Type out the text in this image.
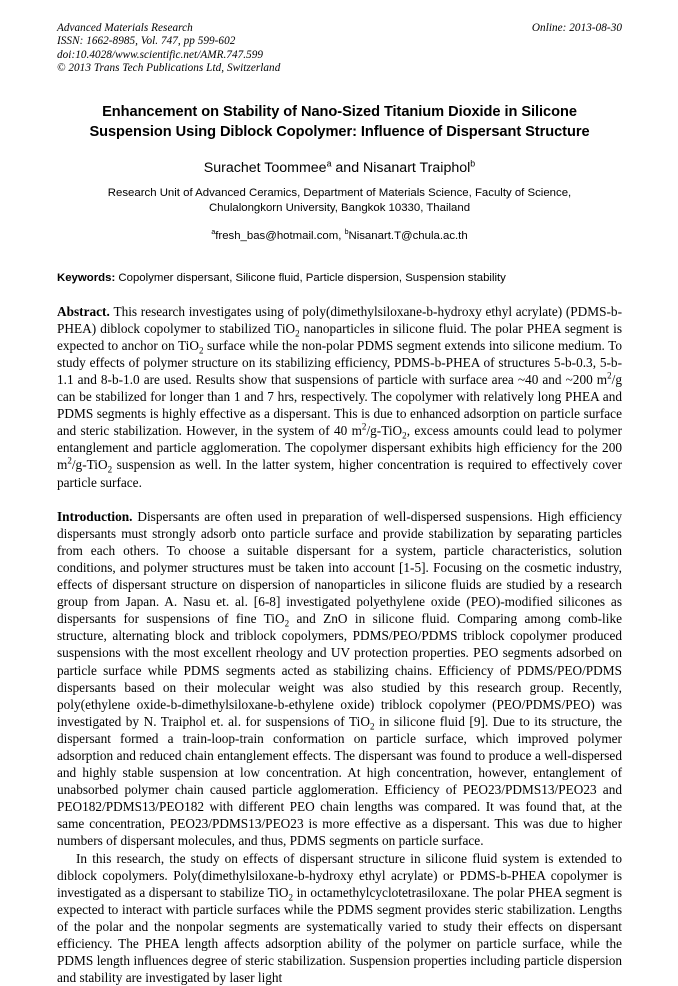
Advanced Materials Research	Online: 2013-08-30
ISSN: 1662-8985, Vol. 747, pp 599-602
doi:10.4028/www.scientific.net/AMR.747.599
© 2013 Trans Tech Publications Ltd, Switzerland
Enhancement on Stability of Nano-Sized Titanium Dioxide in Silicone Suspension Using Diblock Copolymer: Influence of Dispersant Structure
Surachet Toommee$^a$ and Nisanart Traiphol$^b$
Research Unit of Advanced Ceramics, Department of Materials Science, Faculty of Science, Chulalongkorn University, Bangkok 10330, Thailand
$^a$fresh_bas@hotmail.com, $^b$Nisanart.T@chula.ac.th
Keywords: Copolymer dispersant, Silicone fluid, Particle dispersion, Suspension stability

Abstract. This research investigates using of poly(dimethylsiloxane-b-hydroxy ethyl acrylate) (PDMS-b-PHEA) diblock copolymer to stabilized TiO$_2$ nanoparticles in silicone fluid. The polar PHEA segment is expected to anchor on TiO$_2$ surface while the non-polar PDMS segment extends into silicone medium. To study effects of polymer structure on its stabilizing efficiency, PDMS-b-PHEA of structures 5-b-0.3, 5-b-1.1 and 8-b-1.0 are used. Results show that suspensions of particle with surface area ~40 and ~200 $m^2/g$ can be stabilized for longer than 1 and 7 hrs, respectively. The copolymer with relatively long PHEA and PDMS segments is highly effective as a dispersant. This is due to enhanced adsorption on particle surface and steric stabilization. However, in the system of 40 $m^2/g-TiO_2$, excess amounts could lead to polymer entanglement and particle agglomeration. The copolymer dispersant exhibits high efficiency for the 200 $m^2/g-TiO_2$ suspension as well. In the latter system, higher concentration is required to effectively cover particle surface.

Introduction. Dispersants are often used in preparation of well-dispersed suspensions. High efficiency dispersants must strongly adsorb onto particle surface and provide stabilization by separating particles from each others. To choose a suitable dispersant for a system, particle characteristics, solution conditions, and polymer structures must be taken into account [1-5]. Focusing on the cosmetic industry, effects of dispersant structure on dispersion of nanoparticles in silicone fluids are studied by a research group from Japan. A. Nasu et. al. [6-8] investigated polyethylene oxide (PEO)-modified silicones as dispersants for suspensions of fine TiO$_2$ and ZnO in silicone fluid. Comparing among comb-like structure, alternating block and triblock copolymers, PDMS/PEO/PDMS triblock copolymer produced suspensions with the most excellent rheology and UV protection properties. PEO segments adsorbed on particle surface while PDMS segments acted as stabilizing chains. Efficiency of PDMS/PEO/PDMS dispersants based on their molecular weight was also studied by this research group. Recently, poly(ethylene oxide-b-dimethylsiloxane-b-ethylene oxide) triblock copolymer (PEO/PDMS/PEO) was investigated by N. Traiphol et. al. for suspensions of TiO$_2$ in silicone fluid [9]. Due to its structure, the dispersant formed a train-loop-train conformation on particle surface, which improved polymer adsorption and reduced chain entanglement effects. The dispersant was found to produce a well-dispersed and highly stable suspension at low concentration. At high concentration, however, entanglement of unabsorbed polymer chain caused particle agglomeration. Efficiency of PEO23/PDMS13/PEO23 and PEO182/PDMS13/PEO182 with different PEO chain lengths was compared. It was found that, at the same concentration, PEO23/PDMS13/PEO23 is more effective as a dispersant. This was due to higher numbers of dispersant molecules, and thus, PDMS segments on particle surface.

In this research, the study on effects of dispersant structure in silicone fluid system is extended to diblock copolymers. Poly(dimethylsiloxane-b-hydroxy ethyl acrylate) or PDMS-b-PHEA copolymer is investigated as a dispersant to stabilize TiO$_2$ in octamethylcyclotetrasiloxane. The polar PHEA segment is expected to interact with particle surfaces while the PDMS segment provides steric stabilization. Lengths of the polar and the nonpolar segments are systematically varied to study their effects on dispersant efficiency. The PHEA length affects adsorption ability of the polymer on particle surface, while the PDMS length influences degree of steric stabilization. Suspension properties including particle dispersion and stability are investigated by laser light
